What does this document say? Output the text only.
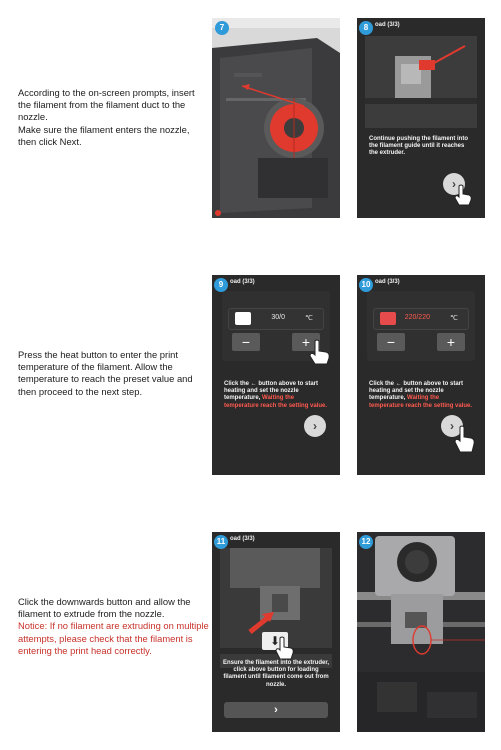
According to the on-screen prompts, insert the filament from the filament duct to the nozzle.
Make sure the filament enters the nozzle, then click Next.

7	8	oad (3/3)
Continue pushing the filament into the filament guide until it reaches the extruder.
›

Press the heat button to enter the print temperature of the filament. Allow the temperature to reach the preset value and then proceed to the next step.

9	oad (3/3)
30/0	℃
−	+
Click the ← button above to start heating and set the nozzle temperature, Waiting the temperature reach the setting value.
›
10 oad (3/3)
220/220	℃
−	+
Click the ← button above to start heating and set the nozzle temperature, Waiting the temperature reach the setting value.
›

Click the downwards button and allow the filament to extrude from the nozzle.

Notice: If no filament are extruding on multiple attempts, please check that the filament is entering the print head correctly.

11 oad (3/3)
⬇
Ensure the filament into the extruder, click above button for loading filament until filament come out from nozzle.
›
12
